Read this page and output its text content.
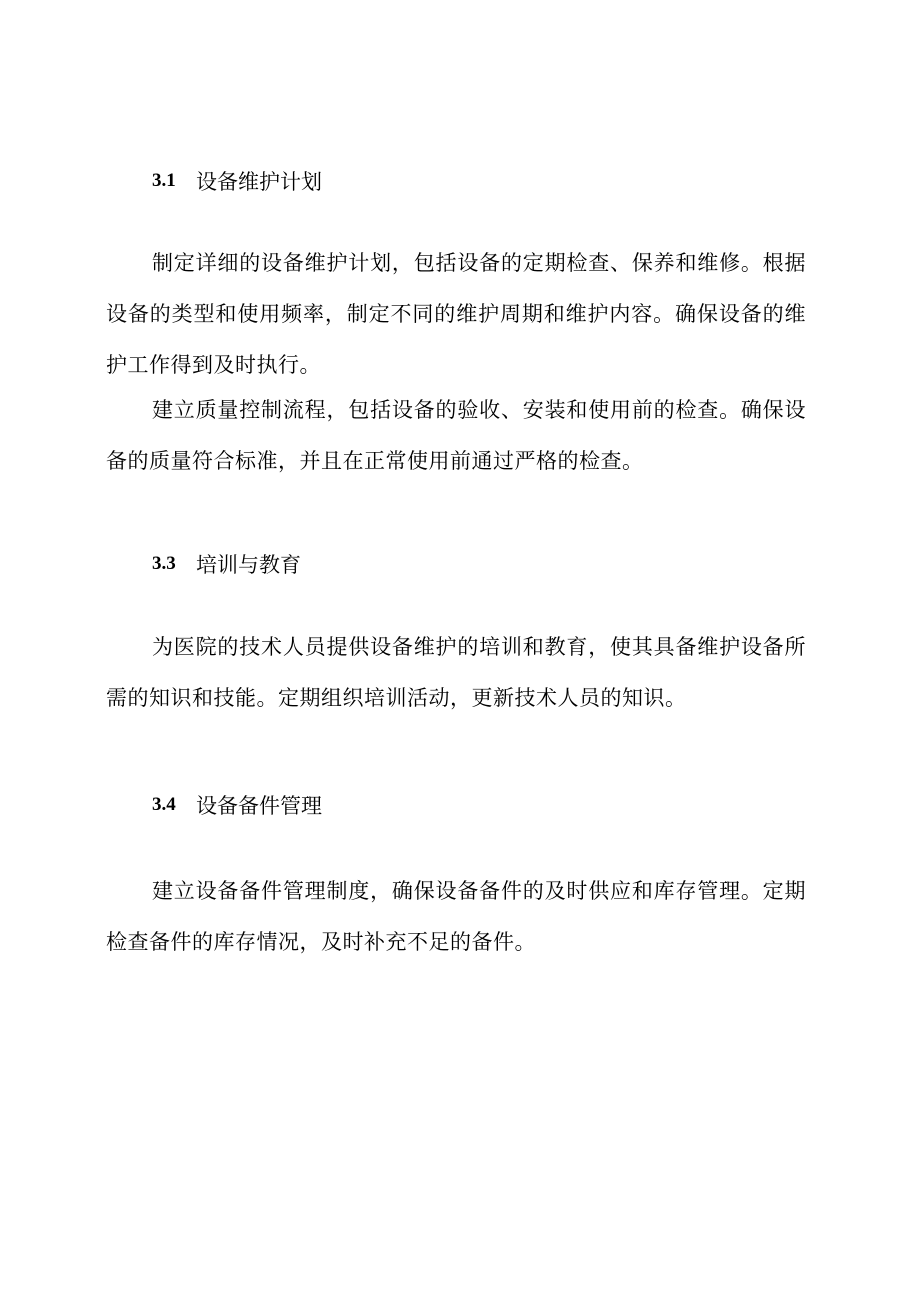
3.1 设备维护计划

制定详细的设备维护计划，包括设备的定期检查、保养和维修。根据设备的类型和使用频率，制定不同的维护周期和维护内容。确保设备的维护工作得到及时执行。

建立质量控制流程，包括设备的验收、安装和使用前的检查。确保设备的质量符合标准，并且在正常使用前通过严格的检查。

3.3 培训与教育

为医院的技术人员提供设备维护的培训和教育，使其具备维护设备所需的知识和技能。定期组织培训活动，更新技术人员的知识。

3.4 设备备件管理

建立设备备件管理制度，确保设备备件的及时供应和库存管理。定期检查备件的库存情况，及时补充不足的备件。
